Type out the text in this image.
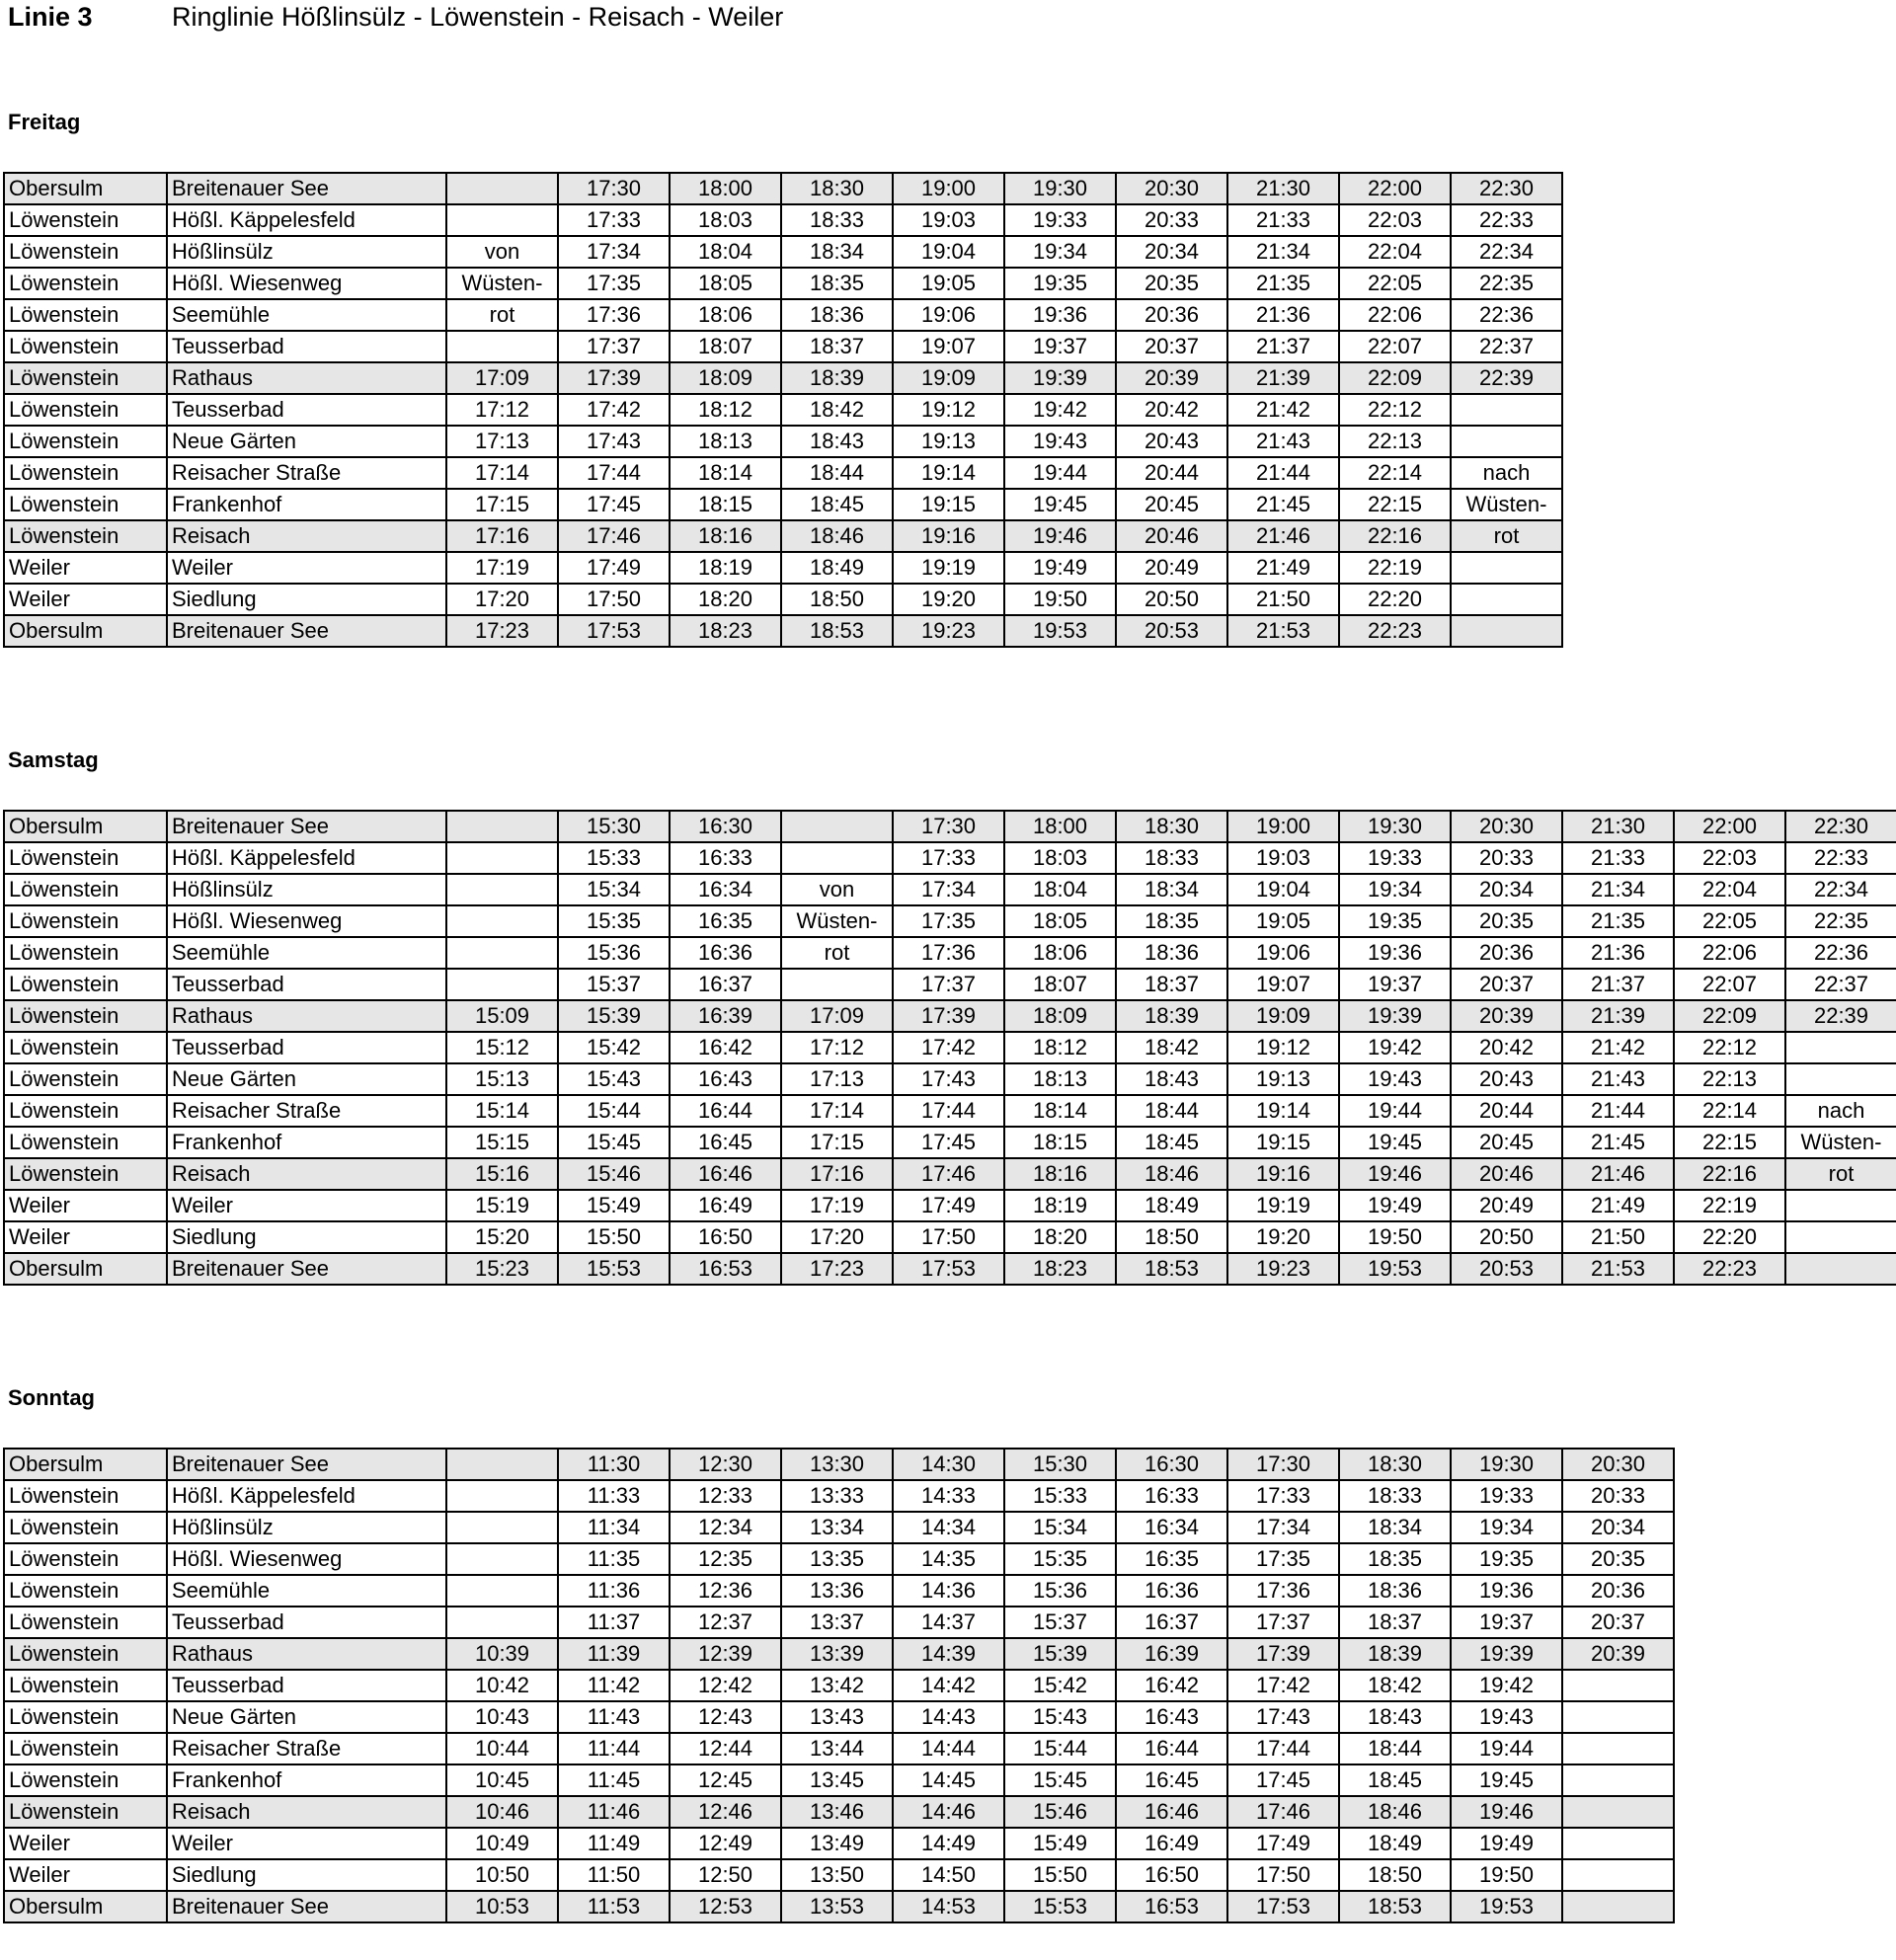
Linie 3	Ringlinie Hößlinsülz - Löwenstein - Reisach - Weiler
Freitag
Obersulm	Breitenauer See		17:30	18:00	18:30	19:00	19:30	20:30	21:30	22:00	22:30
Löwenstein	Hößl. Käppelesfeld		17:33	18:03	18:33	19:03	19:33	20:33	21:33	22:03	22:33
Löwenstein	Hößlinsülz	von	17:34	18:04	18:34	19:04	19:34	20:34	21:34	22:04	22:34
Löwenstein	Hößl. Wiesenweg	Wüsten-	17:35	18:05	18:35	19:05	19:35	20:35	21:35	22:05	22:35
Löwenstein	Seemühle	rot	17:36	18:06	18:36	19:06	19:36	20:36	21:36	22:06	22:36
Löwenstein	Teusserbad		17:37	18:07	18:37	19:07	19:37	20:37	21:37	22:07	22:37
Löwenstein	Rathaus	17:09	17:39	18:09	18:39	19:09	19:39	20:39	21:39	22:09	22:39
Löwenstein	Teusserbad	17:12	17:42	18:12	18:42	19:12	19:42	20:42	21:42	22:12	
Löwenstein	Neue Gärten	17:13	17:43	18:13	18:43	19:13	19:43	20:43	21:43	22:13	
Löwenstein	Reisacher Straße	17:14	17:44	18:14	18:44	19:14	19:44	20:44	21:44	22:14	nach
Löwenstein	Frankenhof	17:15	17:45	18:15	18:45	19:15	19:45	20:45	21:45	22:15	Wüsten-
Löwenstein	Reisach	17:16	17:46	18:16	18:46	19:16	19:46	20:46	21:46	22:16	rot
Weiler	Weiler	17:19	17:49	18:19	18:49	19:19	19:49	20:49	21:49	22:19	
Weiler	Siedlung	17:20	17:50	18:20	18:50	19:20	19:50	20:50	21:50	22:20	
Obersulm	Breitenauer See	17:23	17:53	18:23	18:53	19:23	19:53	20:53	21:53	22:23	
Samstag
Obersulm	Breitenauer See		15:30	16:30		17:30	18:00	18:30	19:00	19:30	20:30	21:30	22:00	22:30
Löwenstein	Hößl. Käppelesfeld		15:33	16:33		17:33	18:03	18:33	19:03	19:33	20:33	21:33	22:03	22:33
Löwenstein	Hößlinsülz		15:34	16:34	von	17:34	18:04	18:34	19:04	19:34	20:34	21:34	22:04	22:34
Löwenstein	Hößl. Wiesenweg		15:35	16:35	Wüsten-	17:35	18:05	18:35	19:05	19:35	20:35	21:35	22:05	22:35
Löwenstein	Seemühle		15:36	16:36	rot	17:36	18:06	18:36	19:06	19:36	20:36	21:36	22:06	22:36
Löwenstein	Teusserbad		15:37	16:37		17:37	18:07	18:37	19:07	19:37	20:37	21:37	22:07	22:37
Löwenstein	Rathaus	15:09	15:39	16:39	17:09	17:39	18:09	18:39	19:09	19:39	20:39	21:39	22:09	22:39
Löwenstein	Teusserbad	15:12	15:42	16:42	17:12	17:42	18:12	18:42	19:12	19:42	20:42	21:42	22:12	
Löwenstein	Neue Gärten	15:13	15:43	16:43	17:13	17:43	18:13	18:43	19:13	19:43	20:43	21:43	22:13	
Löwenstein	Reisacher Straße	15:14	15:44	16:44	17:14	17:44	18:14	18:44	19:14	19:44	20:44	21:44	22:14	nach
Löwenstein	Frankenhof	15:15	15:45	16:45	17:15	17:45	18:15	18:45	19:15	19:45	20:45	21:45	22:15	Wüsten-
Löwenstein	Reisach	15:16	15:46	16:46	17:16	17:46	18:16	18:46	19:16	19:46	20:46	21:46	22:16	rot
Weiler	Weiler	15:19	15:49	16:49	17:19	17:49	18:19	18:49	19:19	19:49	20:49	21:49	22:19	
Weiler	Siedlung	15:20	15:50	16:50	17:20	17:50	18:20	18:50	19:20	19:50	20:50	21:50	22:20	
Obersulm	Breitenauer See	15:23	15:53	16:53	17:23	17:53	18:23	18:53	19:23	19:53	20:53	21:53	22:23	
Sonntag
Obersulm	Breitenauer See		11:30	12:30	13:30	14:30	15:30	16:30	17:30	18:30	19:30	20:30
Löwenstein	Hößl. Käppelesfeld		11:33	12:33	13:33	14:33	15:33	16:33	17:33	18:33	19:33	20:33
Löwenstein	Hößlinsülz		11:34	12:34	13:34	14:34	15:34	16:34	17:34	18:34	19:34	20:34
Löwenstein	Hößl. Wiesenweg		11:35	12:35	13:35	14:35	15:35	16:35	17:35	18:35	19:35	20:35
Löwenstein	Seemühle		11:36	12:36	13:36	14:36	15:36	16:36	17:36	18:36	19:36	20:36
Löwenstein	Teusserbad		11:37	12:37	13:37	14:37	15:37	16:37	17:37	18:37	19:37	20:37
Löwenstein	Rathaus	10:39	11:39	12:39	13:39	14:39	15:39	16:39	17:39	18:39	19:39	20:39
Löwenstein	Teusserbad	10:42	11:42	12:42	13:42	14:42	15:42	16:42	17:42	18:42	19:42	
Löwenstein	Neue Gärten	10:43	11:43	12:43	13:43	14:43	15:43	16:43	17:43	18:43	19:43	
Löwenstein	Reisacher Straße	10:44	11:44	12:44	13:44	14:44	15:44	16:44	17:44	18:44	19:44	
Löwenstein	Frankenhof	10:45	11:45	12:45	13:45	14:45	15:45	16:45	17:45	18:45	19:45	
Löwenstein	Reisach	10:46	11:46	12:46	13:46	14:46	15:46	16:46	17:46	18:46	19:46	
Weiler	Weiler	10:49	11:49	12:49	13:49	14:49	15:49	16:49	17:49	18:49	19:49	
Weiler	Siedlung	10:50	11:50	12:50	13:50	14:50	15:50	16:50	17:50	18:50	19:50	
Obersulm	Breitenauer See	10:53	11:53	12:53	13:53	14:53	15:53	16:53	17:53	18:53	19:53	
